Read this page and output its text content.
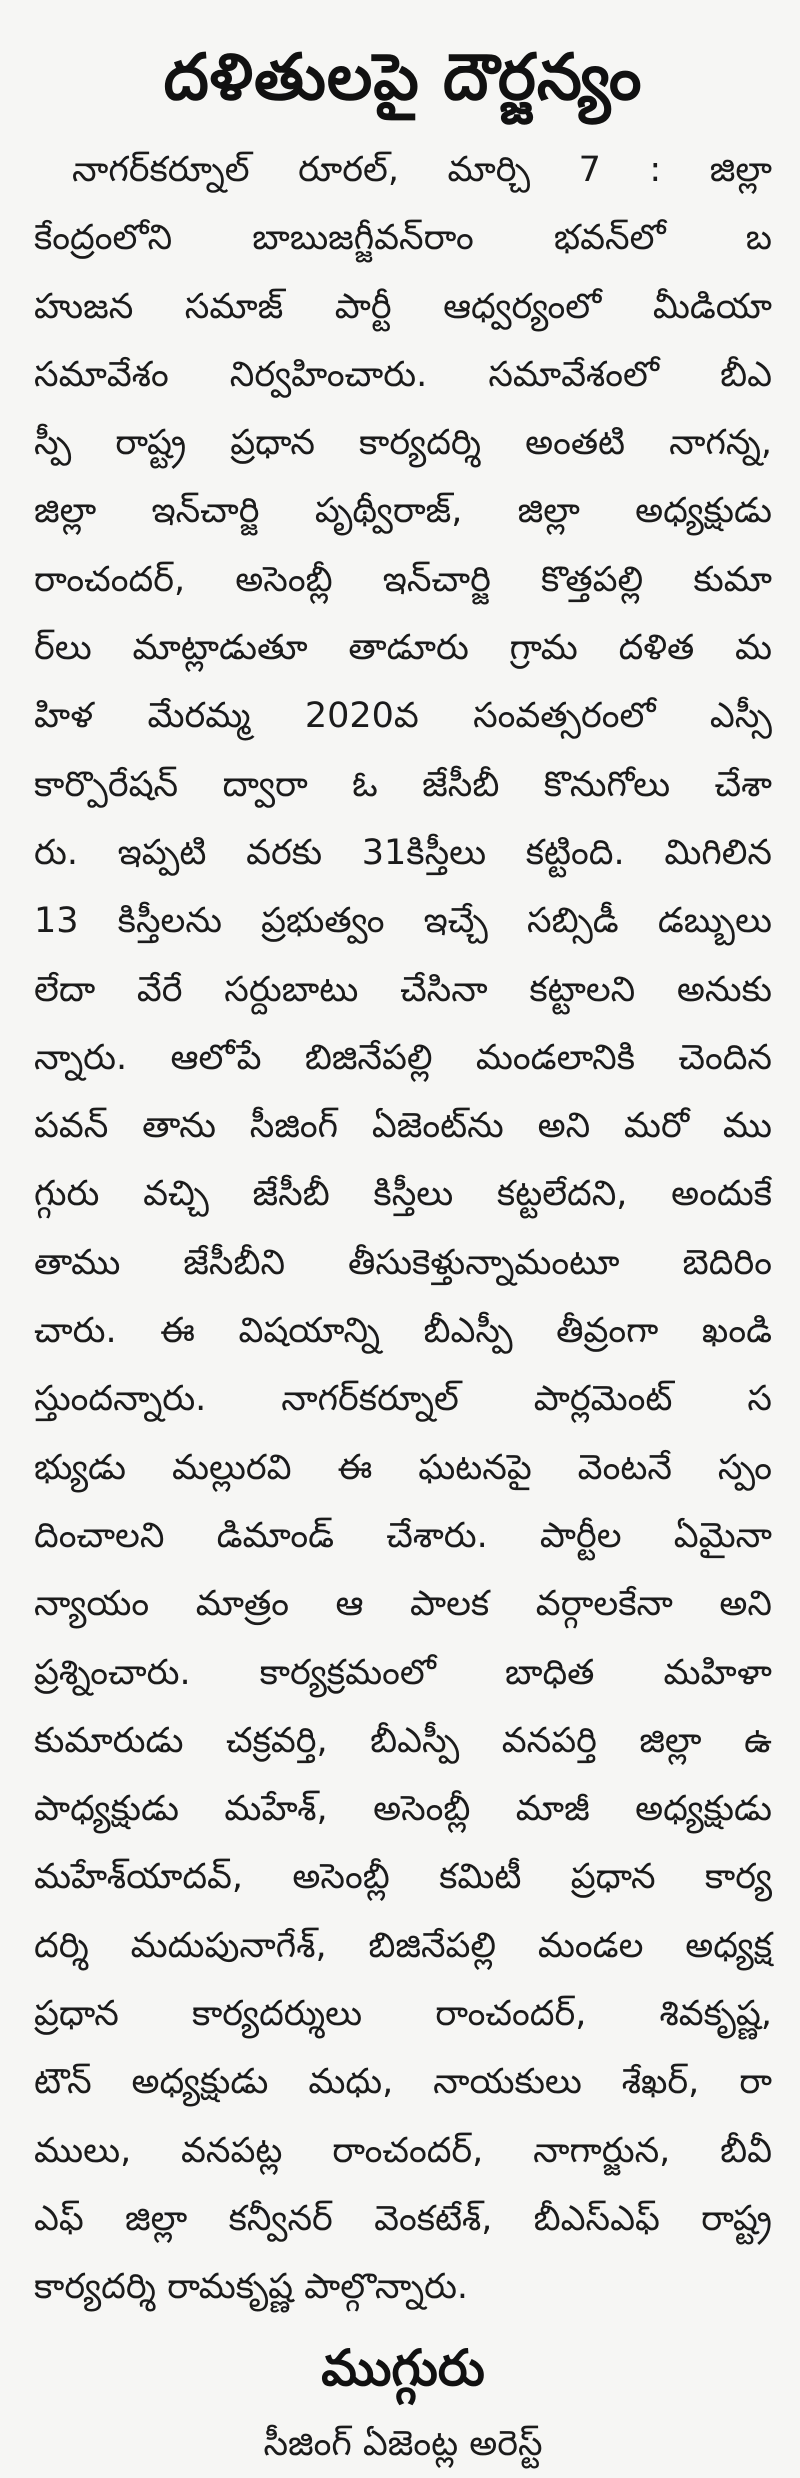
దళితులపై దౌర్జన్యం
నాగర్‌కర్నూల్ రూరల్, మార్చి 7 : జిల్లా
కేంద్రంలోని బాబుజగ్జీవన్‌రాం భవన్‌లో బ
హుజన సమాజ్ పార్టీ ఆధ్వర్యంలో మీడియా
సమావేశం నిర్వహించారు. సమావేశంలో బీఎ
స్పీ రాష్ట్ర ప్రధాన కార్యదర్శి అంతటి నాగన్న,
జిల్లా ఇన్‌చార్జి పృథ్వీరాజ్, జిల్లా అధ్యక్షుడు
రాంచందర్, అసెంబ్లీ ఇన్‌చార్జి కొత్తపల్లి కుమా
ర్‌లు మాట్లాడుతూ తాడూరు గ్రామ దళిత మ
హిళ మేరమ్మ 2020వ సంవత్సరంలో ఎస్సీ
కార్పొరేషన్ ద్వారా ఓ జేసీబీ కొనుగోలు చేశా
రు. ఇప్పటి వరకు 31కిస్తీలు కట్టింది. మిగిలిన
13 కిస్తీలను ప్రభుత్వం ఇచ్చే సబ్సిడీ డబ్బులు
లేదా వేరే సర్దుబాటు చేసినా కట్టాలని అనుకు
న్నారు. ఆలోపే బిజినేపల్లి మండలానికి చెందిన
పవన్ తాను సీజింగ్ ఏజెంట్‌ను అని మరో ము
గ్గురు వచ్చి జేసీబీ కిస్తీలు కట్టలేదని, అందుకే
తాము జేసీబీని తీసుకెళ్తున్నామంటూ బెదిరిం
చారు. ఈ విషయాన్ని బీఎస్పీ తీవ్రంగా ఖండి
స్తుందన్నారు. నాగర్‌కర్నూల్ పార్లమెంట్ స
భ్యుడు మల్లురవి ఈ ఘటనపై వెంటనే స్పం
దించాలని డిమాండ్ చేశారు. పార్టీల ఏమైనా
న్యాయం మాత్రం ఆ పాలక వర్గాలకేనా అని
ప్రశ్నించారు. కార్యక్రమంలో బాధిత మహిళా
కుమారుడు చక్రవర్తి, బీఎస్పీ వనపర్తి జిల్లా ఉ
పాధ్యక్షుడు మహేశ్, అసెంబ్లీ మాజీ అధ్యక్షుడు
మహేశ్‌యాదవ్, అసెంబ్లీ కమిటీ ప్రధాన కార్య
దర్శి మదుపునాగేశ్, బిజినేపల్లి మండల అధ్యక్ష
ప్రధాన కార్యదర్శులు రాంచందర్, శివకృష్ణ,
టౌన్ అధ్యక్షుడు మధు, నాయకులు శేఖర్, రా
ములు, వనపట్ల రాంచందర్, నాగార్జున, బీవీ
ఎఫ్ జిల్లా కన్వీనర్ వెంకటేశ్, బీఎస్ఎఫ్ రాష్ట్ర
కార్యదర్శి రామకృష్ణ పాల్గొన్నారు.
ముగ్గురు
సీజింగ్ ఏజెంట్ల అరెస్ట్
